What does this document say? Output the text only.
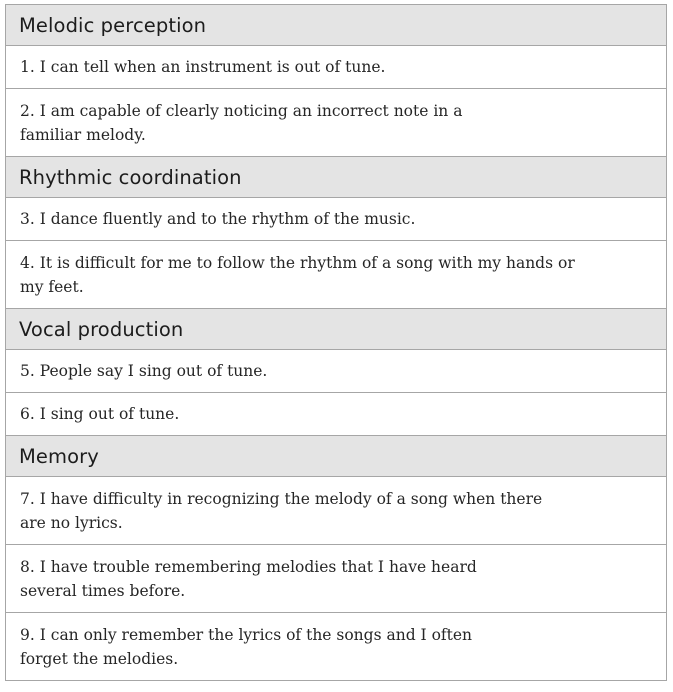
Melodic perception

1. I can tell when an instrument is out of tune.

2. I am capable of clearly noticing an incorrect note in a familiar melody.

Rhythmic coordination

3. I dance fluently and to the rhythm of the music.

4. It is difficult for me to follow the rhythm of a song with my hands or my feet.

Vocal production

5. People say I sing out of tune.

6. I sing out of tune.

Memory

7. I have difficulty in recognizing the melody of a song when there are no lyrics.

8. I have trouble remembering melodies that I have heard several times before.

9. I can only remember the lyrics of the songs and I often forget the melodies.
